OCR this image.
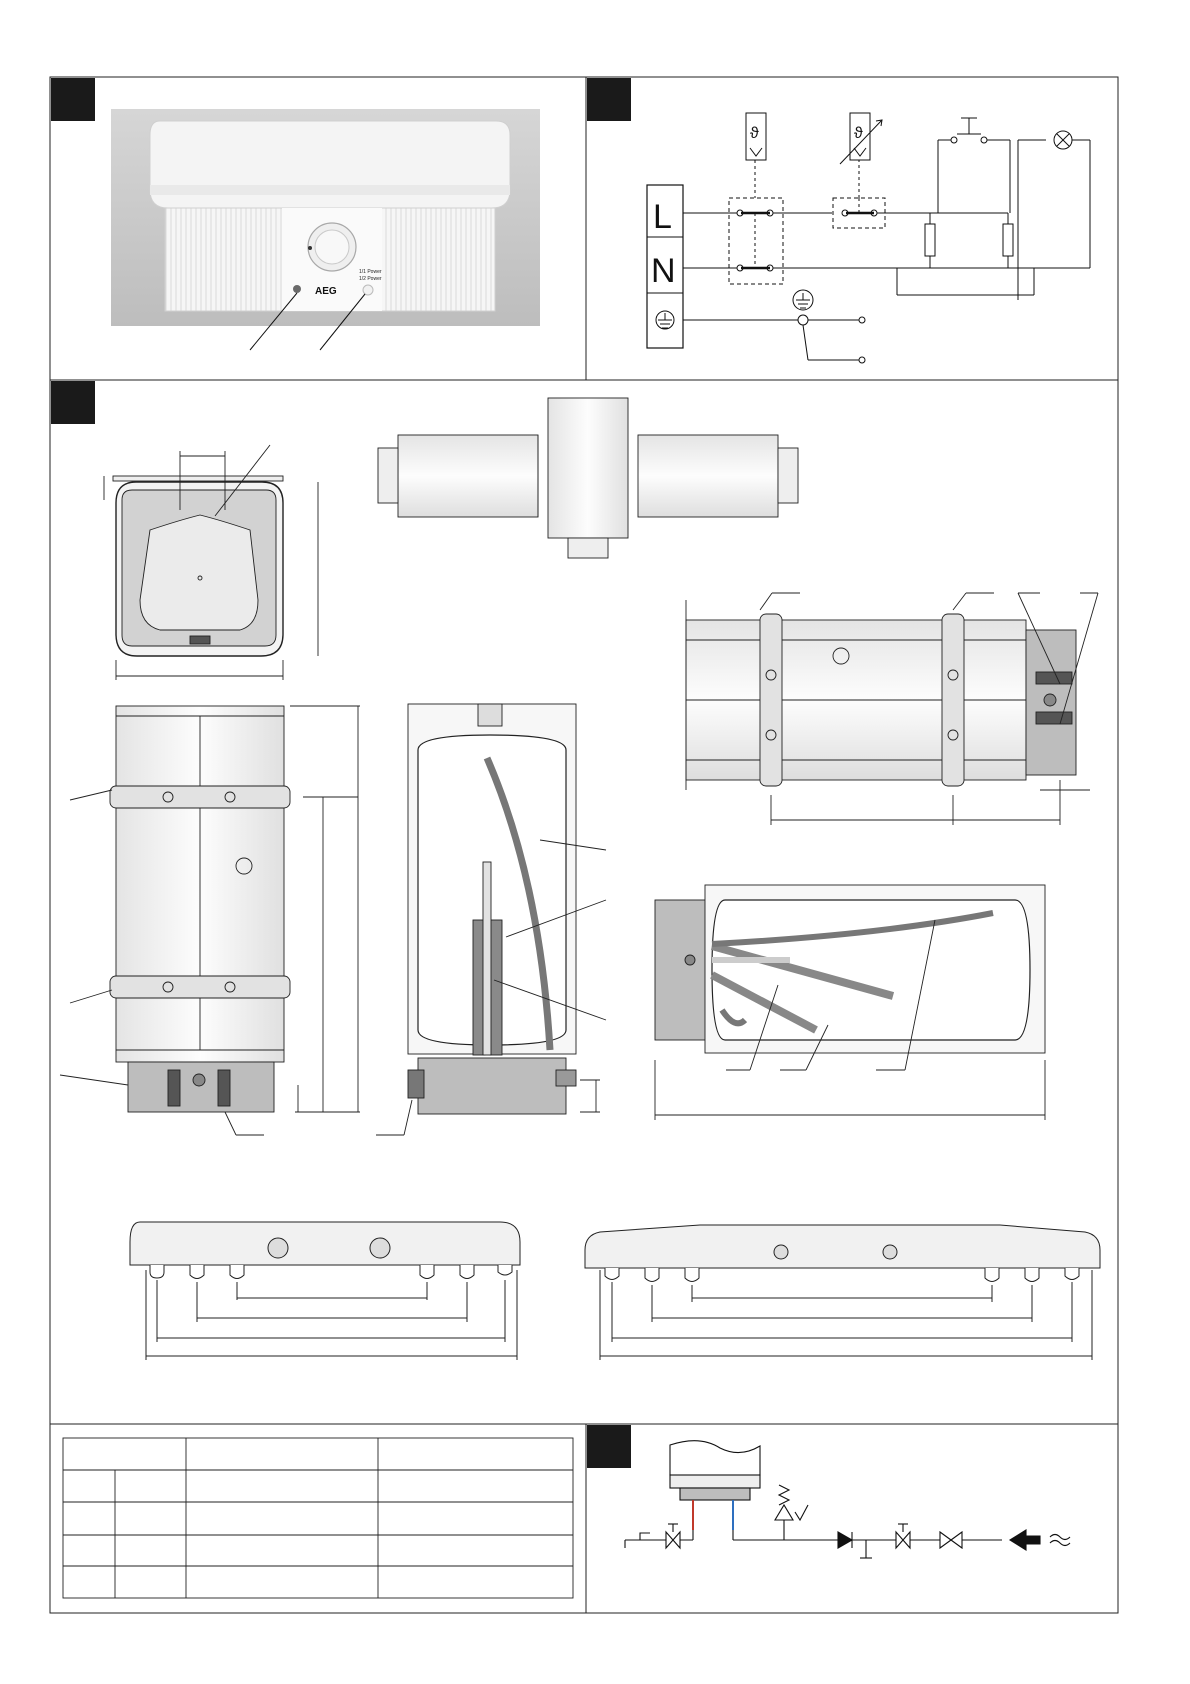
AEG
1/1 Power
1/2 Power
L
N
ϑ	ϑ
